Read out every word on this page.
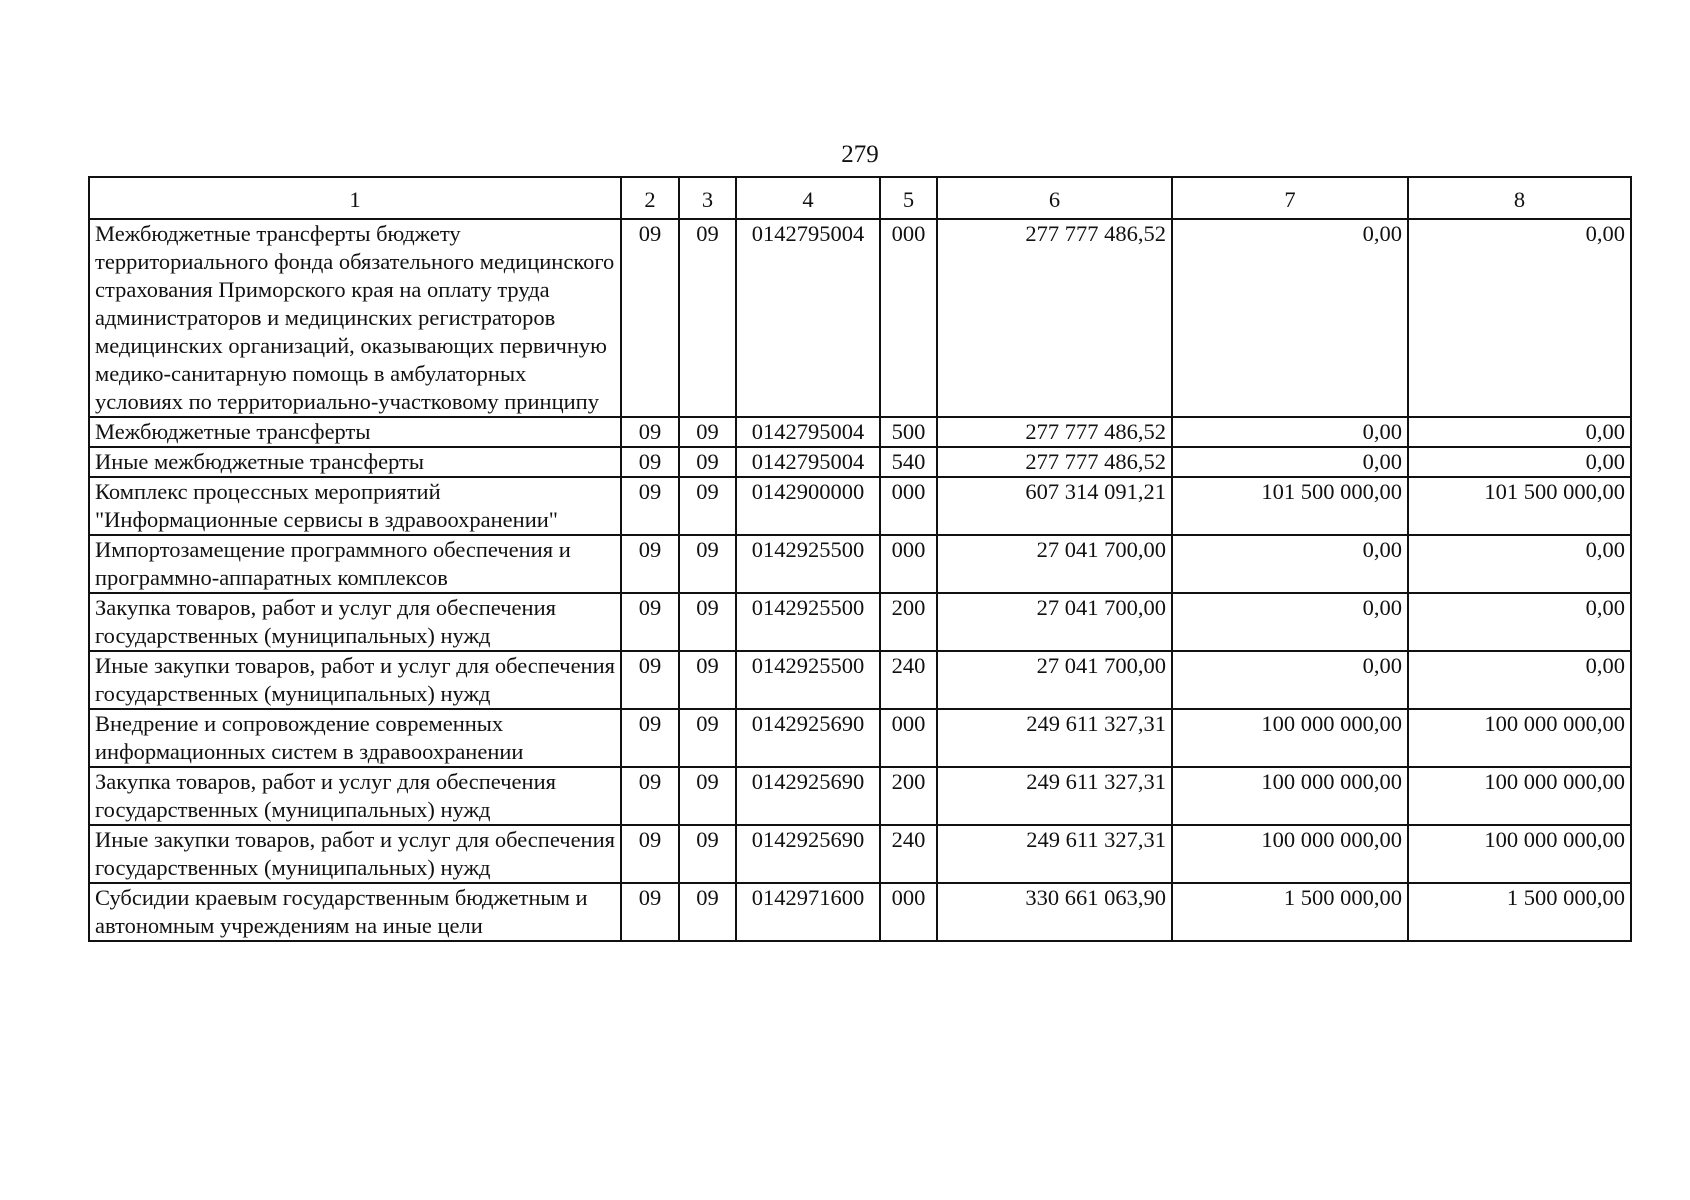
279
1	2	3	4	5	6	7	8
Межбюджетные трансферты бюджету территориального фонда обязательного медицинского страхования Приморского края на оплату труда администраторов и медицинских регистраторов медицинских организаций, оказывающих первичную медико-санитарную помощь в амбулаторных условиях по территориально-участковому принципу	09	09	0142795004	000	277 777 486,52	0,00	0,00
Межбюджетные трансферты	09	09	0142795004	500	277 777 486,52	0,00	0,00
Иные межбюджетные трансферты	09	09	0142795004	540	277 777 486,52	0,00	0,00
Комплекс процессных мероприятий "Информационные сервисы в здравоохранении"	09	09	0142900000	000	607 314 091,21	101 500 000,00	101 500 000,00
Импортозамещение программного обеспечения и программно-аппаратных комплексов	09	09	0142925500	000	27 041 700,00	0,00	0,00
Закупка товаров, работ и услуг для обеспечения государственных (муниципальных) нужд	09	09	0142925500	200	27 041 700,00	0,00	0,00
Иные закупки товаров, работ и услуг для обеспечения государственных (муниципальных) нужд	09	09	0142925500	240	27 041 700,00	0,00	0,00
Внедрение и сопровождение современных информационных систем в здравоохранении	09	09	0142925690	000	249 611 327,31	100 000 000,00	100 000 000,00
Закупка товаров, работ и услуг для обеспечения государственных (муниципальных) нужд	09	09	0142925690	200	249 611 327,31	100 000 000,00	100 000 000,00
Иные закупки товаров, работ и услуг для обеспечения государственных (муниципальных) нужд	09	09	0142925690	240	249 611 327,31	100 000 000,00	100 000 000,00
Субсидии краевым государственным бюджетным и автономным учреждениям на иные цели	09	09	0142971600	000	330 661 063,90	1 500 000,00	1 500 000,00
